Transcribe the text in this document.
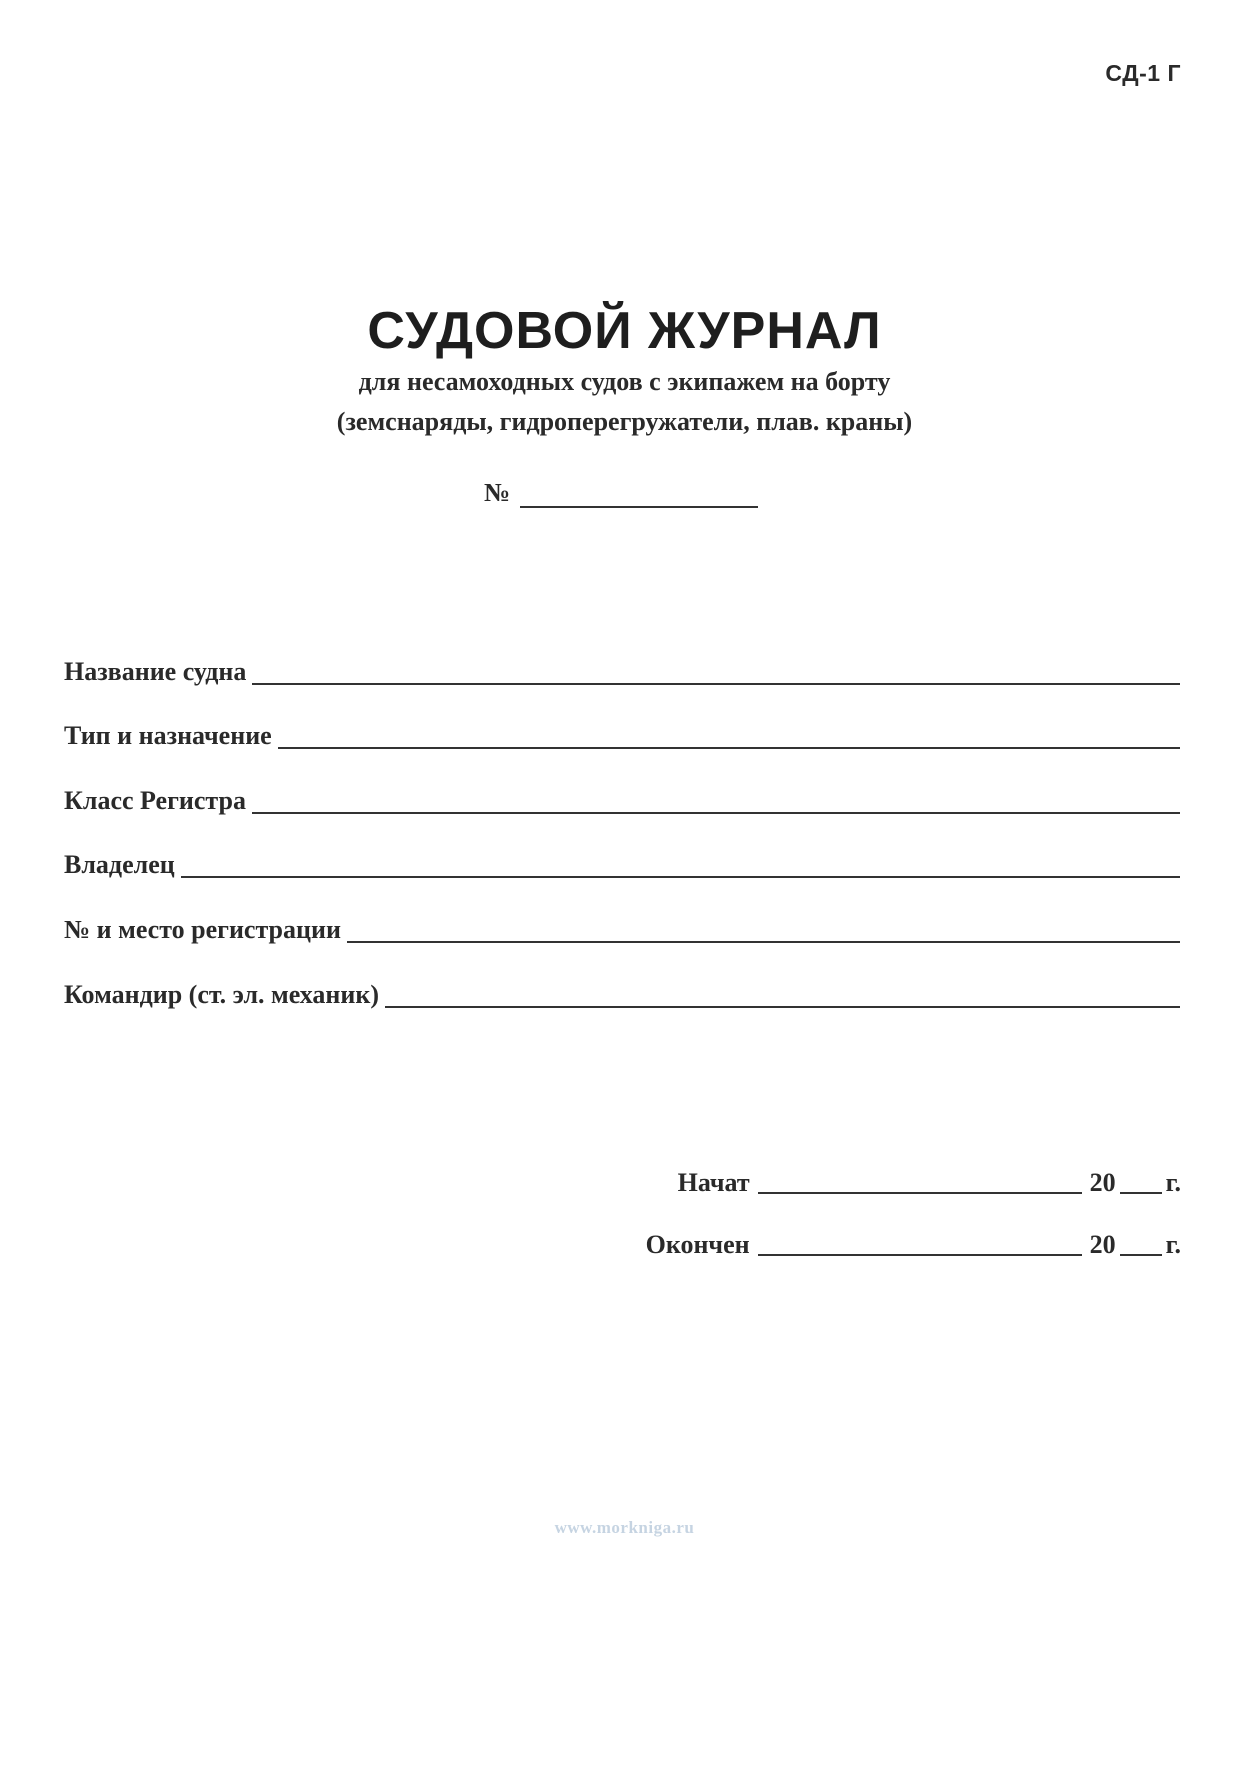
СД-1 Г
СУДОВОЙ ЖУРНАЛ

для несамоходных судов с экипажем на борту

(земснаряды, гидроперегружатели, плав. краны)

№
Название судна
Тип и назначение
Класс Регистра
Владелец
№ и место регистрации
Командир (ст. эл. механик)
Начат	20 г.
Окончен	20 г.
www.morkniga.ru
